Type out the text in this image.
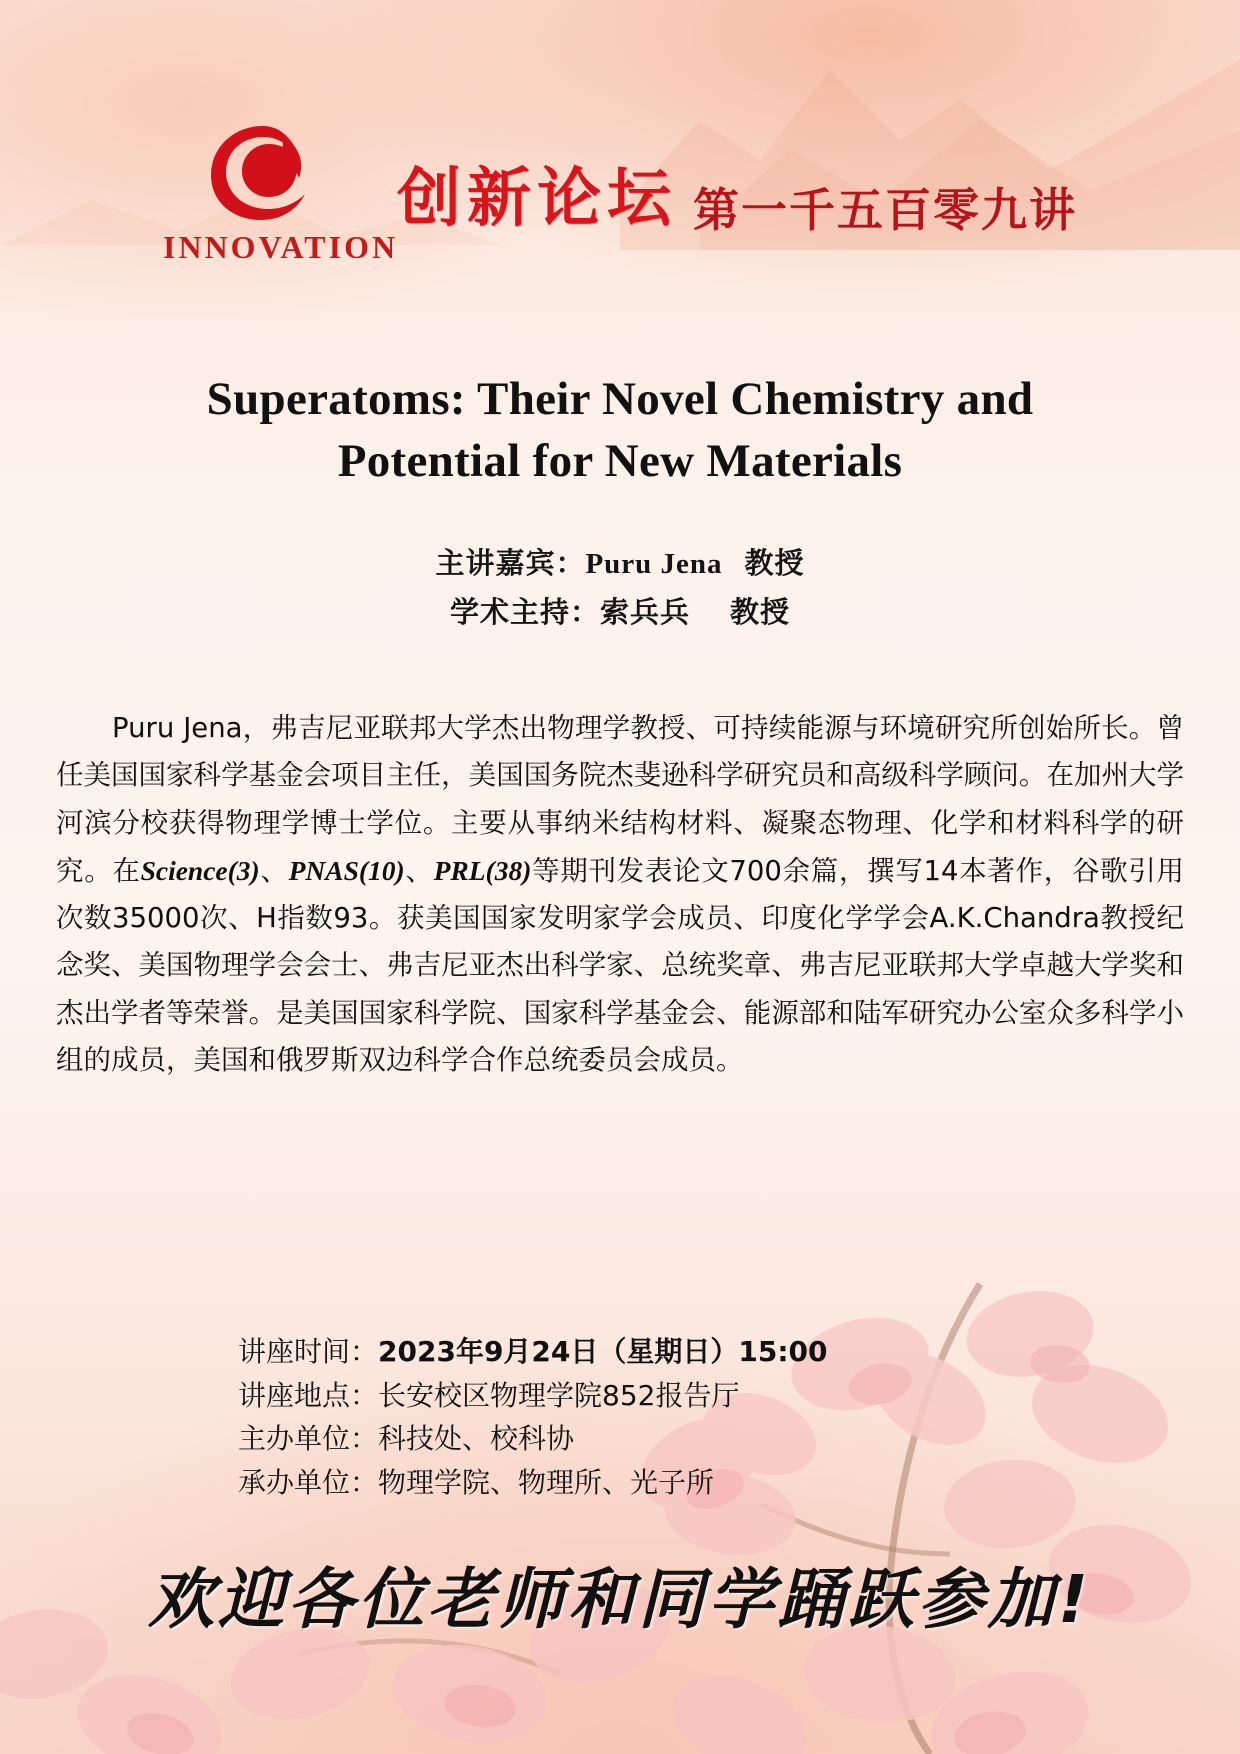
INNOVATION
创新论坛 第一千五百零九讲
Superatoms: Their Novel Chemistry and
Potential for New Materials
主讲嘉宾：Puru Jena 教授
学术主持：索兵兵 教授
Puru Jena，弗吉尼亚联邦大学杰出物理学教授、可持续能源与环境研究所创始所长。曾任美国国家科学基金会项目主任，美国国务院杰斐逊科学研究员和高级科学顾问。在加州大学河滨分校获得物理学博士学位。主要从事纳米结构材料、凝聚态物理、化学和材料科学的研究。在Science(3)、PNAS(10)、PRL(38)等期刊发表论文700余篇，撰写14本著作，谷歌引用次数35000次、H指数93。获美国国家发明家学会成员、印度化学学会A.K.Chandra教授纪念奖、美国物理学会会士、弗吉尼亚杰出科学家、总统奖章、弗吉尼亚联邦大学卓越大学奖和杰出学者等荣誉。是美国国家科学院、国家科学基金会、能源部和陆军研究办公室众多科学小组的成员，美国和俄罗斯双边科学合作总统委员会成员。
讲座时间：2023年9月24日（星期日）15:00
讲座地点：长安校区物理学院852报告厅
主办单位：科技处、校科协
承办单位：物理学院、物理所、光子所
欢迎各位老师和同学踊跃参加!
